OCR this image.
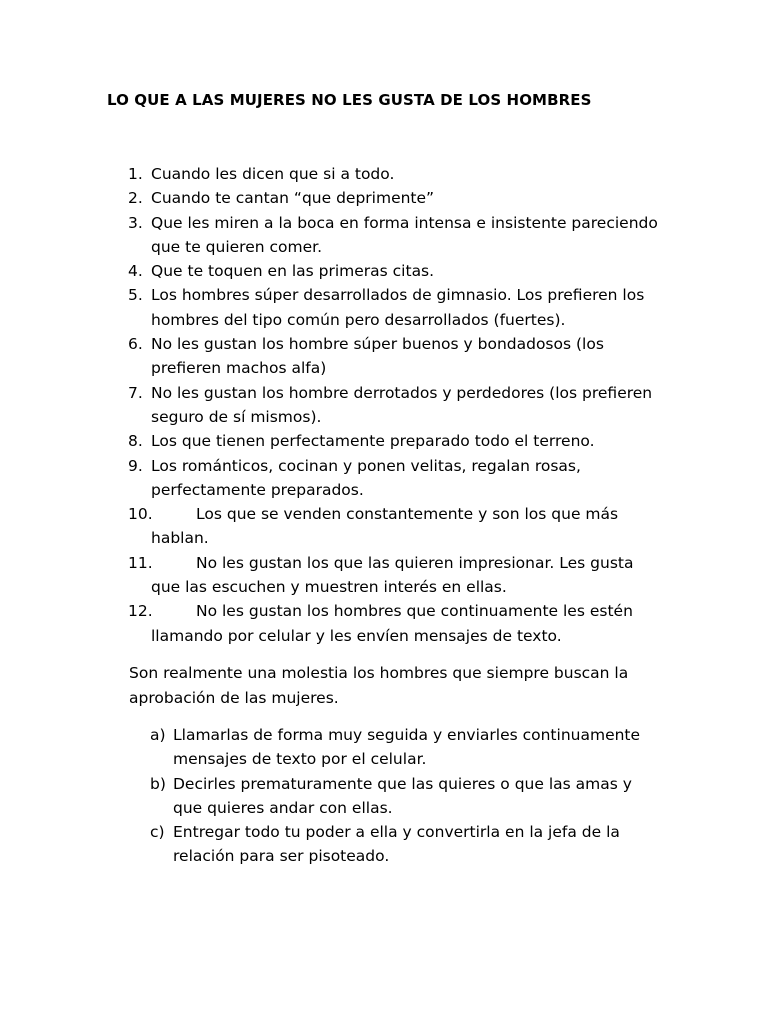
LO QUE A LAS MUJERES NO LES GUSTA DE LOS HOMBRES
1. Cuando les dicen que si a todo.
2. Cuando te cantan “que deprimente”
3. Que les miren a la boca en forma intensa e insistente pareciendo que te quieren comer.
4. Que te toquen en las primeras citas.
5. Los hombres súper desarrollados de gimnasio. Los prefieren los hombres del tipo común pero desarrollados (fuertes).
6. No les gustan los hombre súper buenos y bondadosos (los prefieren machos alfa)
7. No les gustan los hombre derrotados y perdedores (los prefieren seguro de sí mismos).
8. Los que tienen perfectamente preparado todo el terreno.
9. Los románticos, cocinan y ponen velitas, regalan rosas, perfectamente preparados.
10.	Los que se venden constantemente y son los que más
hablan.
11.	No les gustan los que las quieren impresionar. Les gusta
que las escuchen y muestren interés en ellas.
12.	No les gustan los hombres que continuamente les estén
llamando por celular y les envíen mensajes de texto.

Son realmente una molestia los hombres que siempre buscan la aprobación de las mujeres.

a) Llamarlas de forma muy seguida y enviarles continuamente mensajes de texto por el celular.
b) Decirles prematuramente que las quieres o que las amas y que quieres andar con ellas.
c) Entregar todo tu poder a ella y convertirla en la jefa de la relación para ser pisoteado.
